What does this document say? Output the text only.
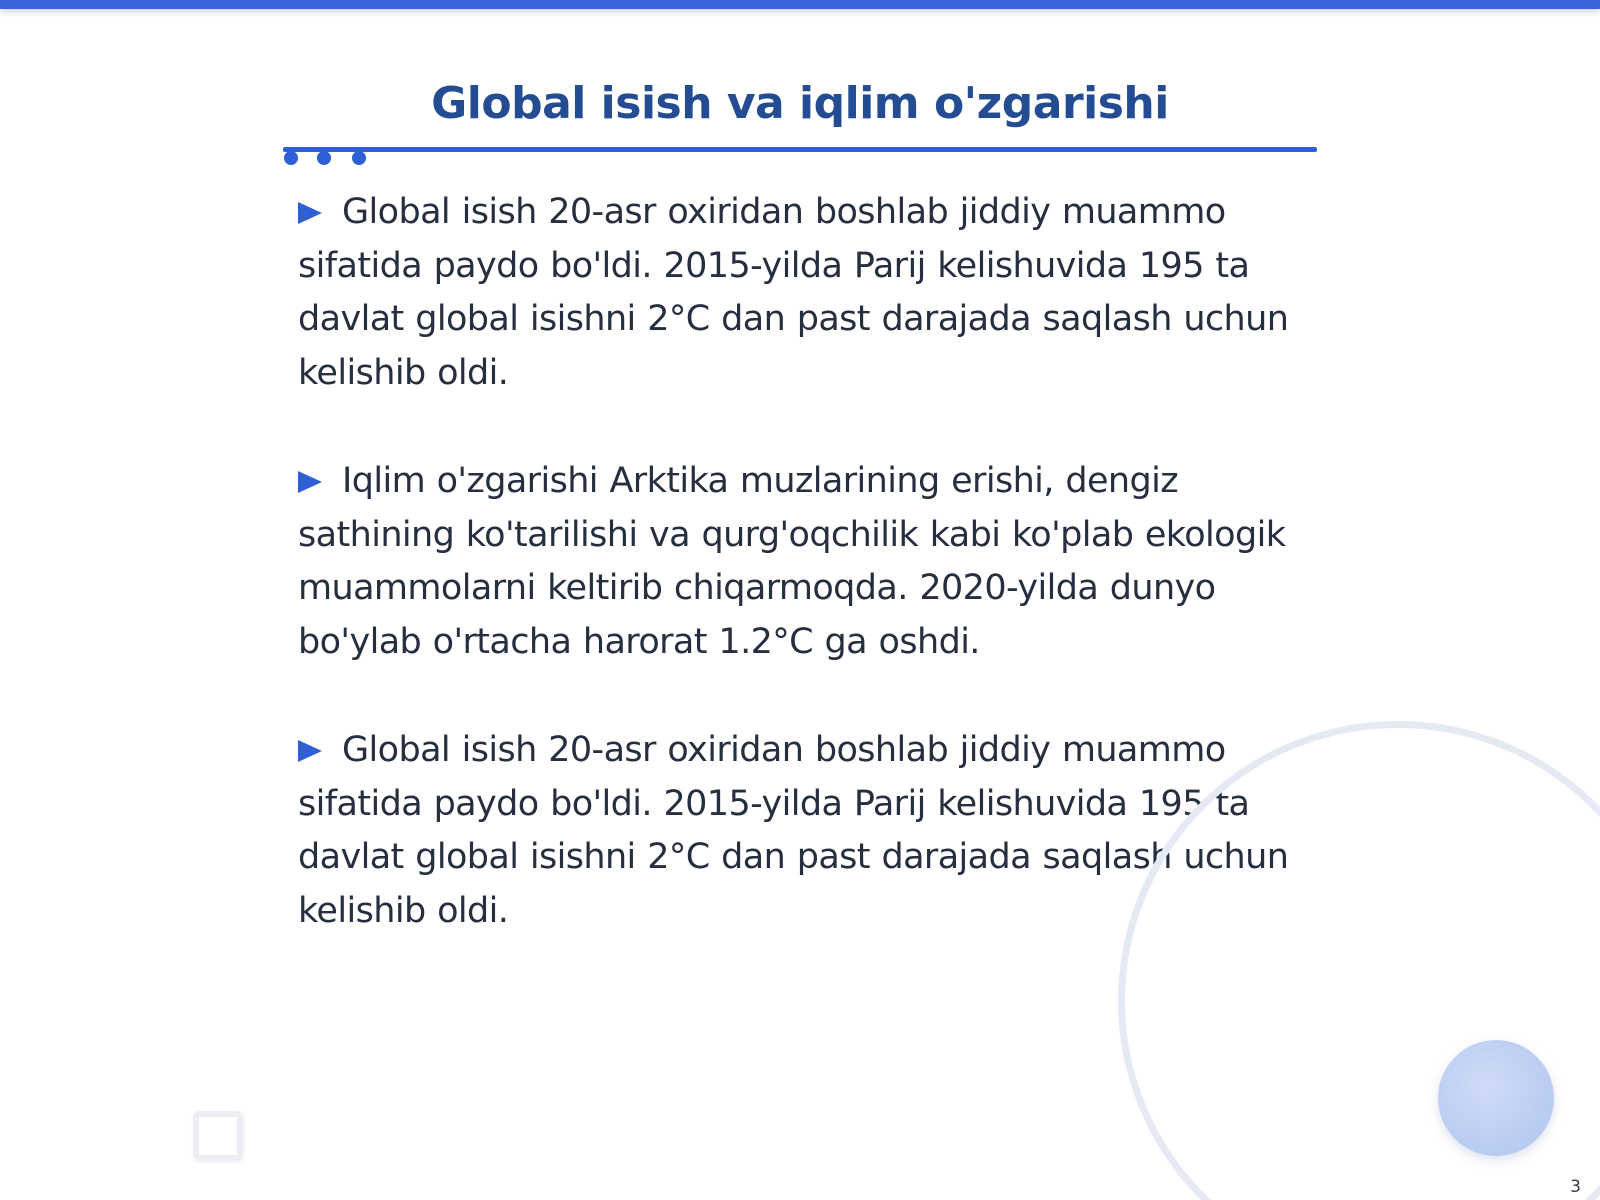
Global isish va iqlim o'zgarishi

Global isish 20-asr oxiridan boshlab jiddiy muammo sifatida paydo bo'ldi. 2015-yilda Parij kelishuvida 195 ta davlat global isishni 2°C dan past darajada saqlash uchun kelishib oldi.

Iqlim o'zgarishi Arktika muzlarining erishi, dengiz sathining ko'tarilishi va qurg'oqchilik kabi ko'plab ekologik muammolarni keltirib chiqarmoqda. 2020-yilda dunyo bo'ylab o'rtacha harorat 1.2°C ga oshdi.

Global isish 20-asr oxiridan boshlab jiddiy muammo sifatida paydo bo'ldi. 2015-yilda Parij kelishuvida 195 ta davlat global isishni 2°C dan past darajada saqlash uchun kelishib oldi.

3
